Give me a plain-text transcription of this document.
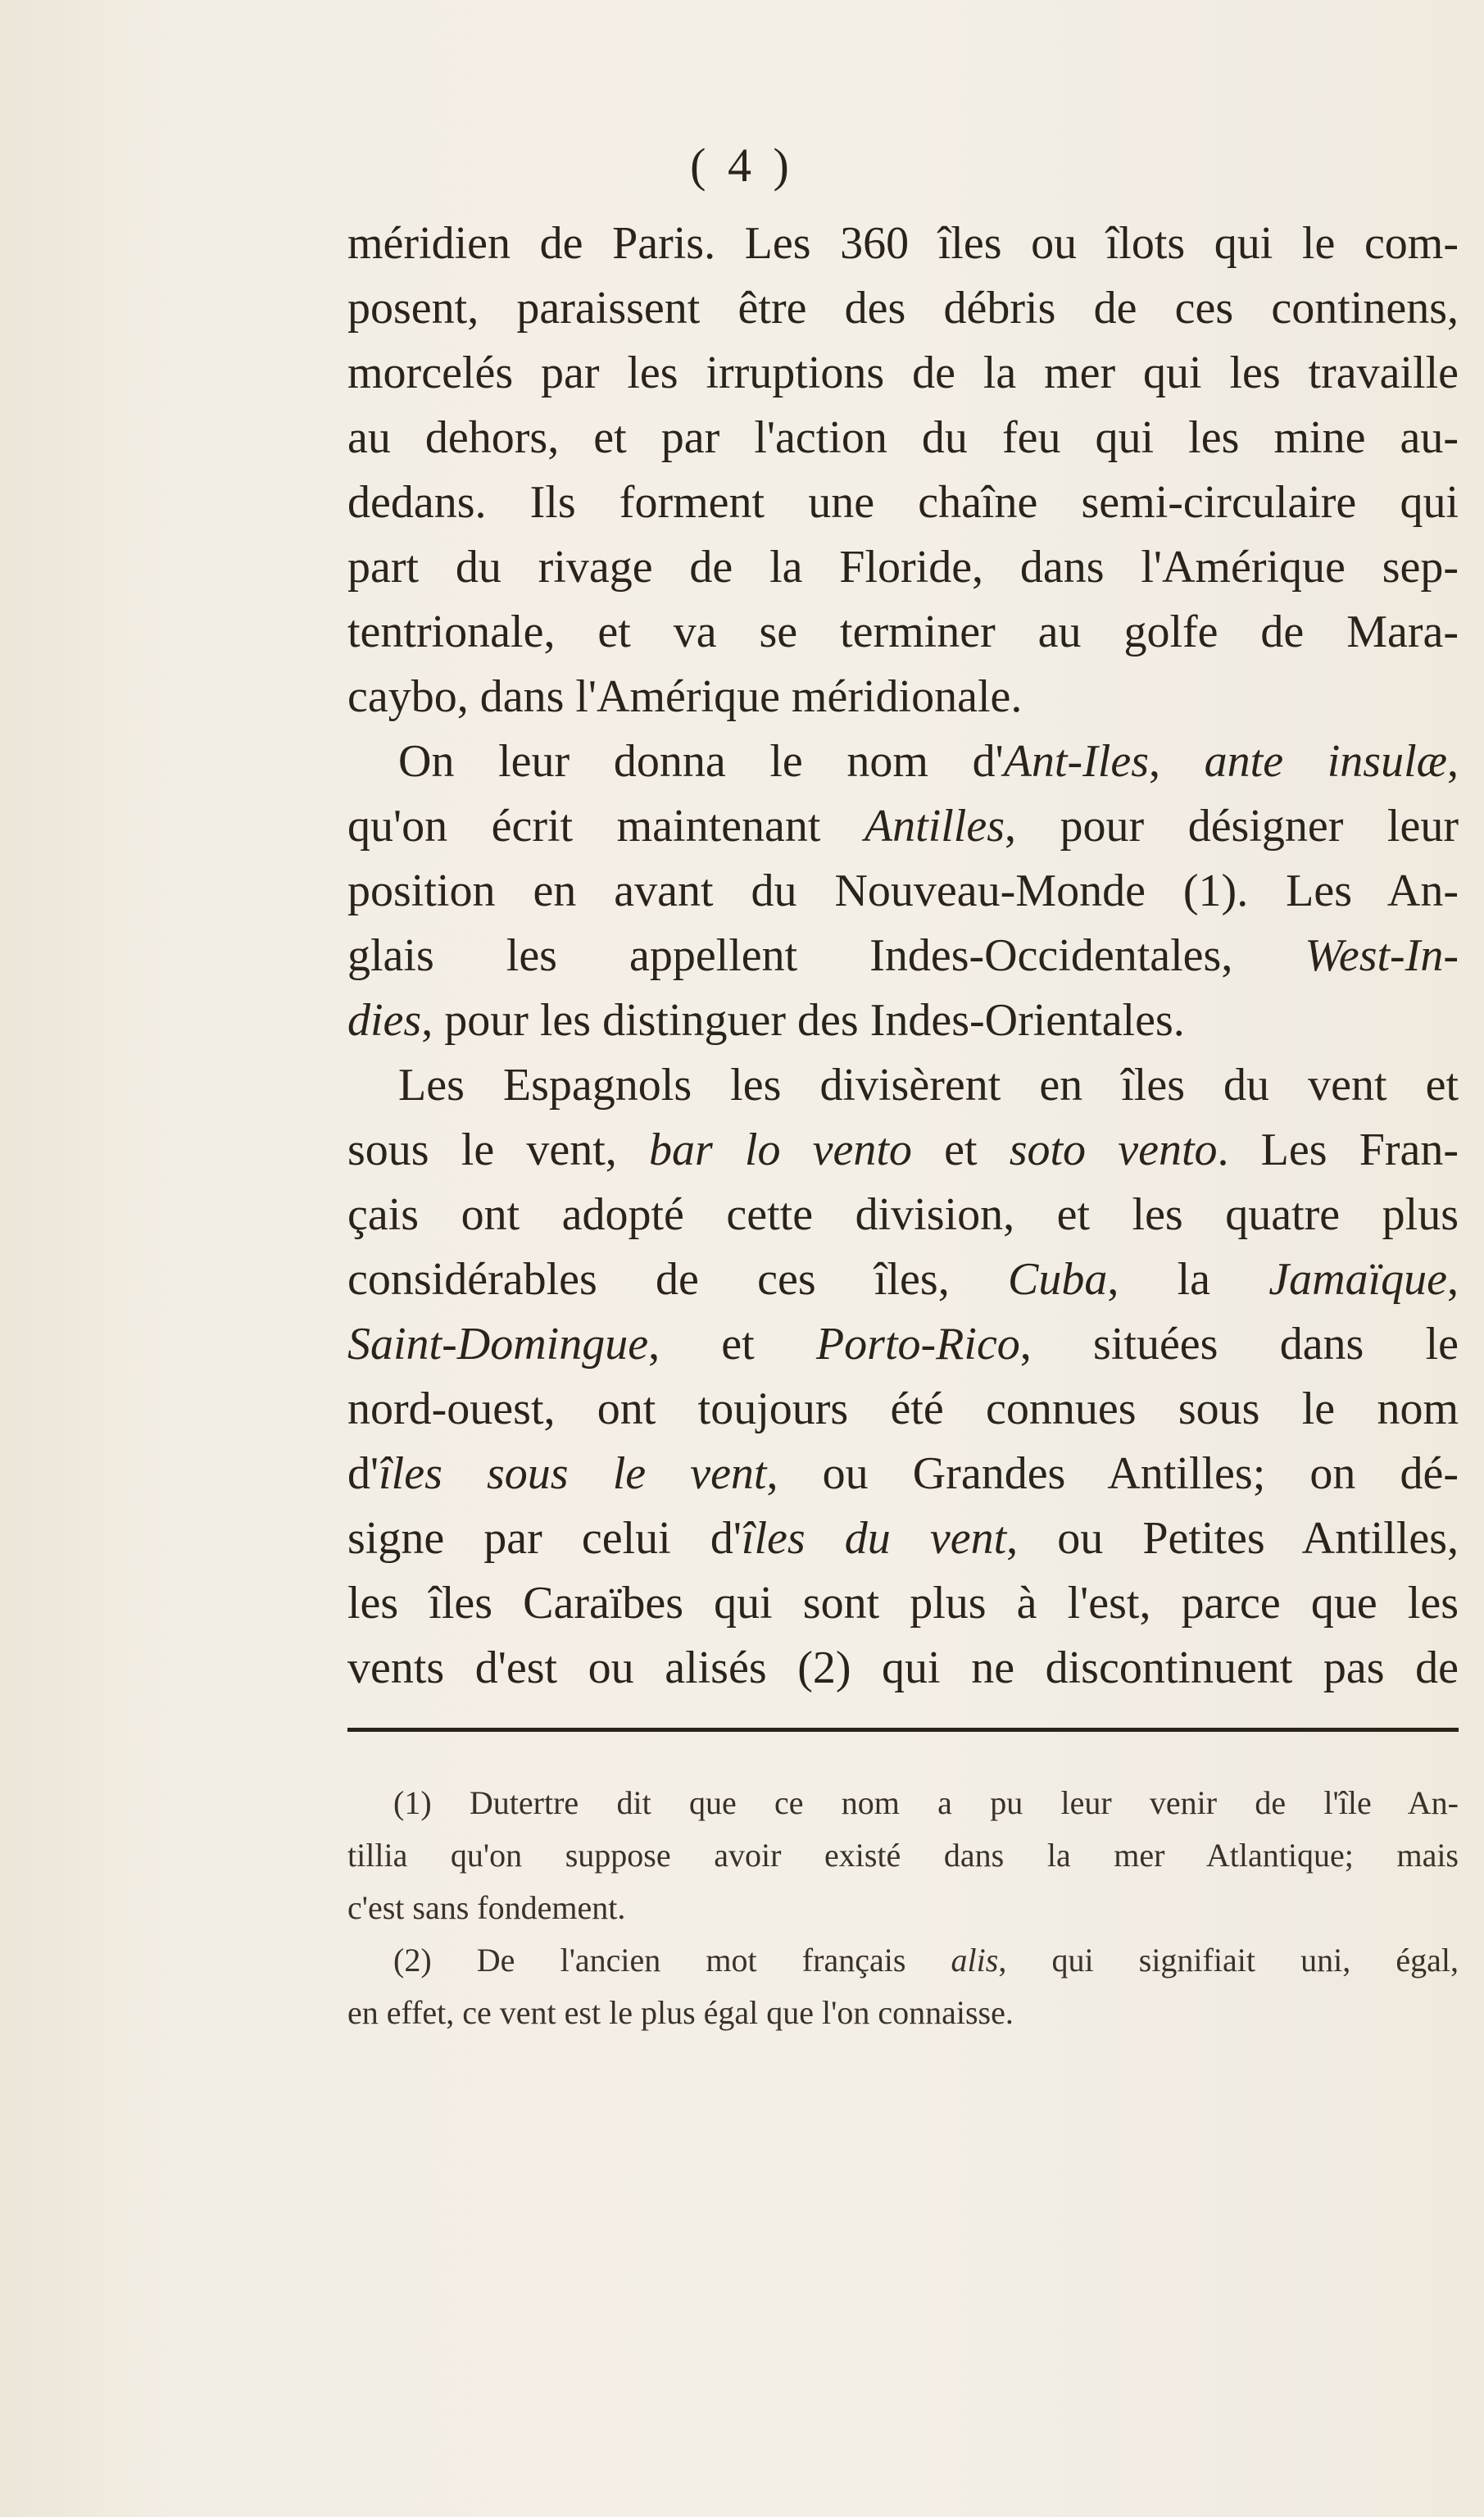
( 4 )
méridien de Paris. Les 360 îles ou îlots qui le com-
posent, paraissent être des débris de ces continens,
morcelés par les irruptions de la mer qui les travaille
au dehors, et par l'action du feu qui les mine au-
dedans. Ils forment une chaîne semi-circulaire qui
part du rivage de la Floride, dans l'Amérique sep-
tentrionale, et va se terminer au golfe de Mara-
caybo, dans l'Amérique méridionale.
On leur donna le nom d'Ant-Iles, ante insulæ,
qu'on écrit maintenant Antilles, pour désigner leur
position en avant du Nouveau-Monde (1). Les An-
glais les appellent Indes-Occidentales, West-In-
dies, pour les distinguer des Indes-Orientales.
Les Espagnols les divisèrent en îles du vent et
sous le vent, bar lo vento et soto vento. Les Fran-
çais ont adopté cette division, et les quatre plus
considérables de ces îles, Cuba, la Jamaïque,
Saint-Domingue, et Porto-Rico, situées dans le
nord-ouest, ont toujours été connues sous le nom
d'îles sous le vent, ou Grandes Antilles; on dé-
signe par celui d'îles du vent, ou Petites Antilles,
les îles Caraïbes qui sont plus à l'est, parce que les
vents d'est ou alisés (2) qui ne discontinuent pas de
(1) Dutertre dit que ce nom a pu leur venir de l'île An-
tillia qu'on suppose avoir existé dans la mer Atlantique; mais
c'est sans fondement.
(2) De l'ancien mot français alis, qui signifiait uni, égal,
en effet, ce vent est le plus égal que l'on connaisse.
